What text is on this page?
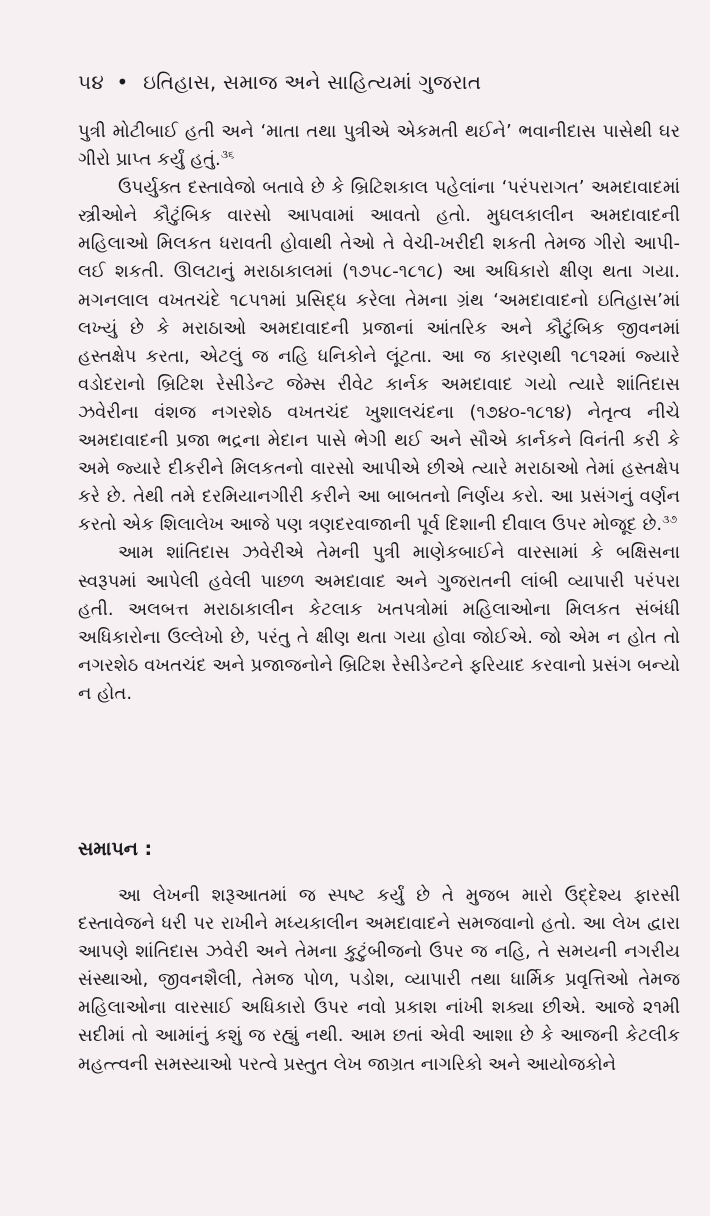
૫૪ • ઇતિહાસ, સમાજ અને સાહિત્યમાં ગુજરાત

પુત્રી મોટીબાઈ હતી અને ‘માતા તથા પુત્રીએ એકમતી થઈને’ ભવાનીદાસ પાસેથી ઘર ગીરો પ્રાપ્ત કર્યું હતું.$^{૩૬}$

ઉપર્યુક્ત દસ્તાવેજો બતાવે છે કે બ્રિટિશકાલ પહેલાંના ‘પરંપરાગત’ અમદાવાદમાં સ્ત્રીઓને કૌટુંબિક વારસો આપવામાં આવતો હતો. મુઘલકાલીન અમદાવાદની મહિલાઓ મિલકત ધરાવતી હોવાથી તેઓ તે વેચી-ખરીદી શકતી તેમજ ગીરો આપી-લઈ શકતી. ઊલટાનું મરાઠાકાલમાં (૧૭૫૮-૧૮૧૮) આ અધિકારો ક્ષીણ થતા ગયા. મગનલાલ વખતચંદે ૧૮૫૧માં પ્રસિદ્ધ કરેલા તેમના ગ્રંથ ‘અમદાવાદનો ઇતિહાસ’માં લખ્યું છે કે મરાઠાઓ અમદાવાદની પ્રજાનાં આંતરિક અને કૌટુંબિક જીવનમાં હસ્તક્ષેપ કરતા, એટલું જ નહિ ધનિકોને લૂંટતા. આ જ કારણથી ૧૮૧૨માં જ્યારે વડોદરાનો બ્રિટિશ રેસીડેન્ટ જેમ્સ રીવેટ કાર્નક અમદાવાદ ગયો ત્યારે શાંતિદાસ ઝવેરીના વંશજ નગરશેઠ વખતચંદ ખુશાલચંદના (૧૭૪૦-૧૮૧૪) નેતૃત્વ નીચે અમદાવાદની પ્રજા ભદ્રના મેદાન પાસે ભેગી થઈ અને સૌએ કાર્નકને વિનંતી કરી કે અમે જ્યારે દીકરીને મિલકતનો વારસો આપીએ છીએ ત્યારે મરાઠાઓ તેમાં હસ્તક્ષેપ કરે છે. તેથી તમે દરમિયાનગીરી કરીને આ બાબતનો નિર્ણય કરો. આ પ્રસંગનું વર્ણન કરતો એક શિલાલેખ આજે પણ ત્રણદરવાજાની પૂર્વ દિશાની દીવાલ ઉપર મોજૂદ છે.$^{૩૭}$

આમ શાંતિદાસ ઝવેરીએ તેમની પુત્રી માણેકબાઈને વારસામાં કે બક્ષિસના સ્વરૂપમાં આપેલી હવેલી પાછળ અમદાવાદ અને ગુજરાતની લાંબી વ્યાપારી પરંપરા હતી. અલબત્ત મરાઠાકાલીન કેટલાક ખતપત્રોમાં મહિલાઓના મિલકત સંબંધી અધિકારોના ઉલ્લેખો છે, પરંતુ તે ક્ષીણ થતા ગયા હોવા જોઈએ. જો એમ ન હોત તો નગરશેઠ વખતચંદ અને પ્રજાજનોને બ્રિટિશ રેસીડેન્ટને ફરિયાદ કરવાનો પ્રસંગ બન્યો ન હોત.

સમાપન :

આ લેખની શરૂઆતમાં જ સ્પષ્ટ કર્યું છે તે મુજબ મારો ઉદ્દેશ્ય ફારસી દસ્તાવેજને ધરી પર રાખીને મધ્યકાલીન અમદાવાદને સમજવાનો હતો. આ લેખ દ્વારા આપણે શાંતિદાસ ઝવેરી અને તેમના કુટુંબીજનો ઉપર જ નહિ, તે સમયની નગરીય સંસ્થાઓ, જીવનશૈલી, તેમજ પોળ, પડોશ, વ્યાપારી તથા ધાર્મિક પ્રવૃત્તિઓ તેમજ મહિલાઓના વારસાઈ અધિકારો ઉપર નવો પ્રકાશ નાંખી શક્યા છીએ. આજે ૨૧મી સદીમાં તો આમાંનું કશું જ રહ્યું નથી. આમ છતાં એવી આશા છે કે આજની કેટલીક મહત્ત્વની સમસ્યાઓ પરત્વે પ્રસ્તુત લેખ જાગ્રત નાગરિકો અને આયોજકોને
